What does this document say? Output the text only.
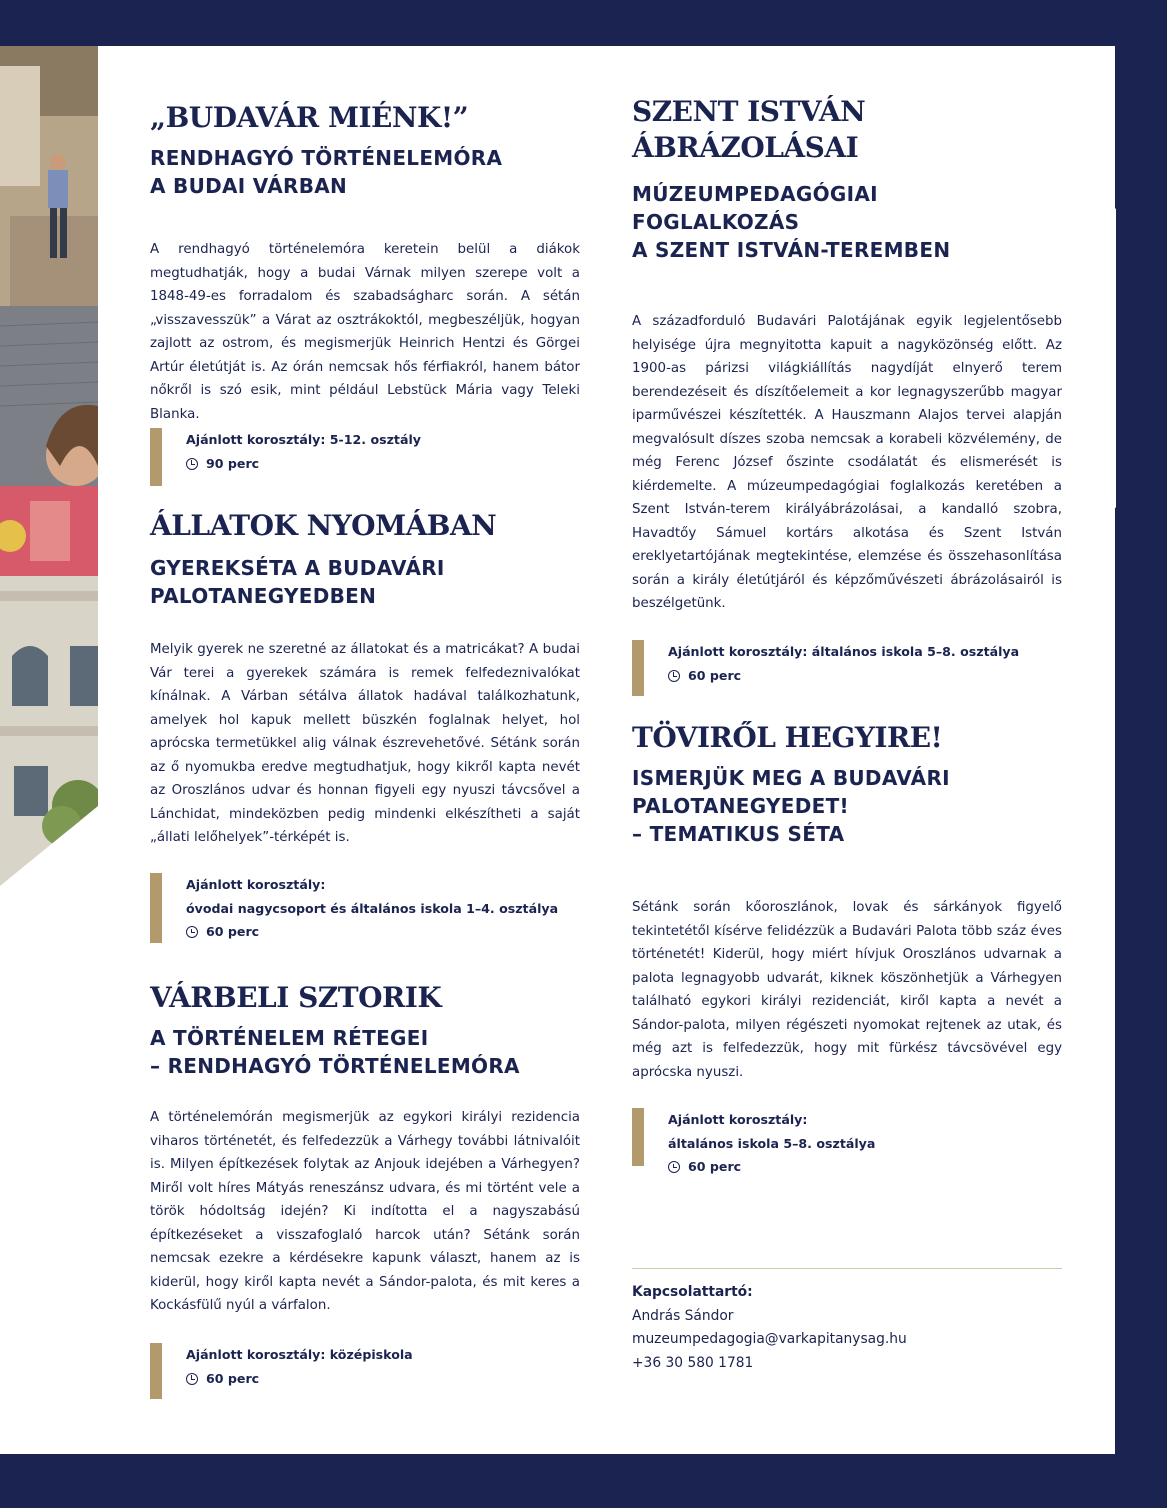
„BUDAVÁR MIÉNK!”
RENDHAGYÓ TÖRTÉNELEMÓRA
A BUDAI VÁRBAN

A rendhagyó történelemóra keretein belül a diákok megtudhatják, hogy a budai Várnak milyen szerepe volt a 1848-49-es forradalom és szabadságharc során. A sétán „visszavesszük” a Várat az osztrákoktól, megbeszéljük, hogyan zajlott az ostrom, és megismerjük Heinrich Hentzi és Görgei Artúr életútját is. Az órán nemcsak hős férfiakról, hanem bátor nőkről is szó esik, mint például Lebstück Mária vagy Teleki Blanka.

Ajánlott korosztály: 5-12. osztály
90 perc
ÁLLATOK NYOMÁBAN
GYEREKSÉTA A BUDAVÁRI
PALOTANEGYEDBEN

Melyik gyerek ne szeretné az állatokat és a matricákat? A budai Vár terei a gyerekek számára is remek felfedeznivalókat kínálnak. A Várban sétálva állatok hadával találkozhatunk, amelyek hol kapuk mellett büszkén foglalnak helyet, hol aprócska termetükkel alig válnak észrevehetővé. Sétánk során az ő nyomukba eredve megtudhatjuk, hogy kikről kapta nevét az Oroszlános udvar és honnan figyeli egy nyuszi távcsővel a Lánchidat, mindeközben pedig mindenki elkészítheti a saját „állati lelőhelyek”-térképét is.

Ajánlott korosztály:
óvodai nagycsoport és általános iskola 1–4. osztálya
60 perc
VÁRBELI SZTORIK
A TÖRTÉNELEM RÉTEGEI
– RENDHAGYÓ TÖRTÉNELEMÓRA

A történelemórán megismerjük az egykori királyi rezidencia viharos történetét, és felfedezzük a Várhegy további látnivalóit is. Milyen építkezések folytak az Anjouk idejében a Várhegyen? Miről volt híres Mátyás reneszánsz udvara, és mi történt vele a török hódoltság idején? Ki indította el a nagyszabású építkezéseket a visszafoglaló harcok után? Sétánk során nemcsak ezekre a kérdésekre kapunk választ, hanem az is kiderül, hogy kiről kapta nevét a Sándor-palota, és mit keres a Kockásfülű nyúl a várfalon.

Ajánlott korosztály: középiskola
60 perc
SZENT ISTVÁN
ÁBRÁZOLÁSAI
MÚZEUMPEDAGÓGIAI
FOGLALKOZÁS
A SZENT ISTVÁN-TEREMBEN

A századforduló Budavári Palotájának egyik legjelentősebb helyisége újra megnyitotta kapuit a nagyközönség előtt. Az 1900-as párizsi világkiállítás nagydíját elnyerő terem berendezéseit és díszítőelemeit a kor legnagyszerűbb magyar iparművészei készítették. A Hauszmann Alajos tervei alapján megvalósult díszes szoba nemcsak a korabeli közvélemény, de még Ferenc József őszinte csodálatát és elismerését is kiérdemelte. A múzeumpedagógiai foglalkozás keretében a Szent István-terem királyábrázolásai, a kandalló szobra, Havadtőy Sámuel kortárs alkotása és Szent István ereklyetartójának megtekintése, elemzése és összehasonlítása során a király életútjáról és képzőművészeti ábrázolásairól is beszélgetünk.

Ajánlott korosztály: általános iskola 5–8. osztálya
60 perc
TÖVIRŐL HEGYIRE!
ISMERJÜK MEG A BUDAVÁRI
PALOTANEGYEDET!
– TEMATIKUS SÉTA

Sétánk során kőoroszlánok, lovak és sárkányok figyelő tekintetétől kísérve felidézzük a Budavári Palota több száz éves történetét! Kiderül, hogy miért hívjuk Oroszlános udvarnak a palota legnagyobb udvarát, kiknek köszönhetjük a Várhegyen található egykori királyi rezidenciát, kiről kapta a nevét a Sándor-palota, milyen régészeti nyomokat rejtenek az utak, és még azt is felfedezzük, hogy mit fürkész távcsövével egy aprócska nyuszi.

Ajánlott korosztály:
általános iskola 5–8. osztálya
60 perc
Kapcsolattartó:
András Sándor
muzeumpedagogia@varkapitanysag.hu
+36 30 580 1781
